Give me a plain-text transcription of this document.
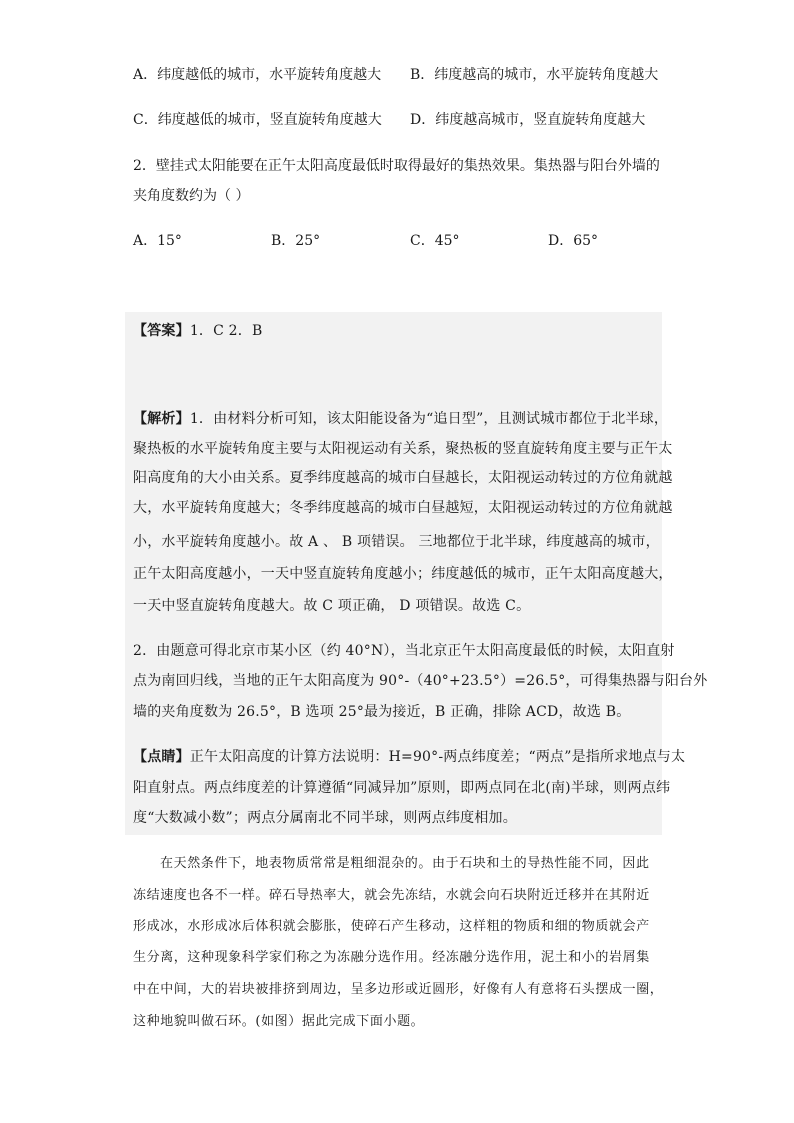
A．纬度越低的城市，水平旋转角度越大 B．纬度越高的城市，水平旋转角度越大
C．纬度越低的城市，竖直旋转角度越大 D．纬度越高城市，竖直旋转角度越大
2．壁挂式太阳能要在正午太阳高度最低时取得最好的集热效果。集热器与阳台外墙的
夹角度数约为（ ）
A．15°	B．25°	C．45°	D．65°
【答案】1．C 2．B
【解析】1．由材料分析可知，该太阳能设备为“追日型”，且测试城市都位于北半球，
聚热板的水平旋转角度主要与太阳视运动有关系，聚热板的竖直旋转角度主要与正午太
阳高度角的大小由关系。夏季纬度越高的城市白昼越长，太阳视运动转过的方位角就越
大，水平旋转角度越大；冬季纬度越高的城市白昼越短，太阳视运动转过的方位角就越
小，水平旋转角度越小。故 A 、 B 项错误。 三地都位于北半球，纬度越高的城市，
正午太阳高度越小，一天中竖直旋转角度越小；纬度越低的城市，正午太阳高度越大，
一天中竖直旋转角度越大。故 C 项正确， D 项错误。故选 C。
2．由题意可得北京市某小区（约 40°N），当北京正午太阳高度最低的时候，太阳直射
点为南回归线，当地的正午太阳高度为 90°-（40°+23.5°）=26.5°，可得集热器与阳台外
墙的夹角度数为 26.5°，B 选项 25°最为接近，B 正确，排除 ACD，故选 B。
【点睛】正午太阳高度的计算方法说明：H=90°-两点纬度差；“两点”是指所求地点与太
阳直射点。两点纬度差的计算遵循“同减异加”原则，即两点同在北(南)半球，则两点纬
度“大数减小数”；两点分属南北不同半球，则两点纬度相加。
在天然条件下，地表物质常常是粗细混杂的。由于石块和土的导热性能不同，因此
冻结速度也各不一样。碎石导热率大，就会先冻结，水就会向石块附近迁移并在其附近
形成冰，水形成冰后体积就会膨胀，使碎石产生移动，这样粗的物质和细的物质就会产
生分离，这种现象科学家们称之为冻融分选作用。经冻融分选作用，泥土和小的岩屑集
中在中间，大的岩块被排挤到周边，呈多边形或近圆形，好像有人有意将石头摆成一圈，
这种地貌叫做石环。(如图）据此完成下面小题。
